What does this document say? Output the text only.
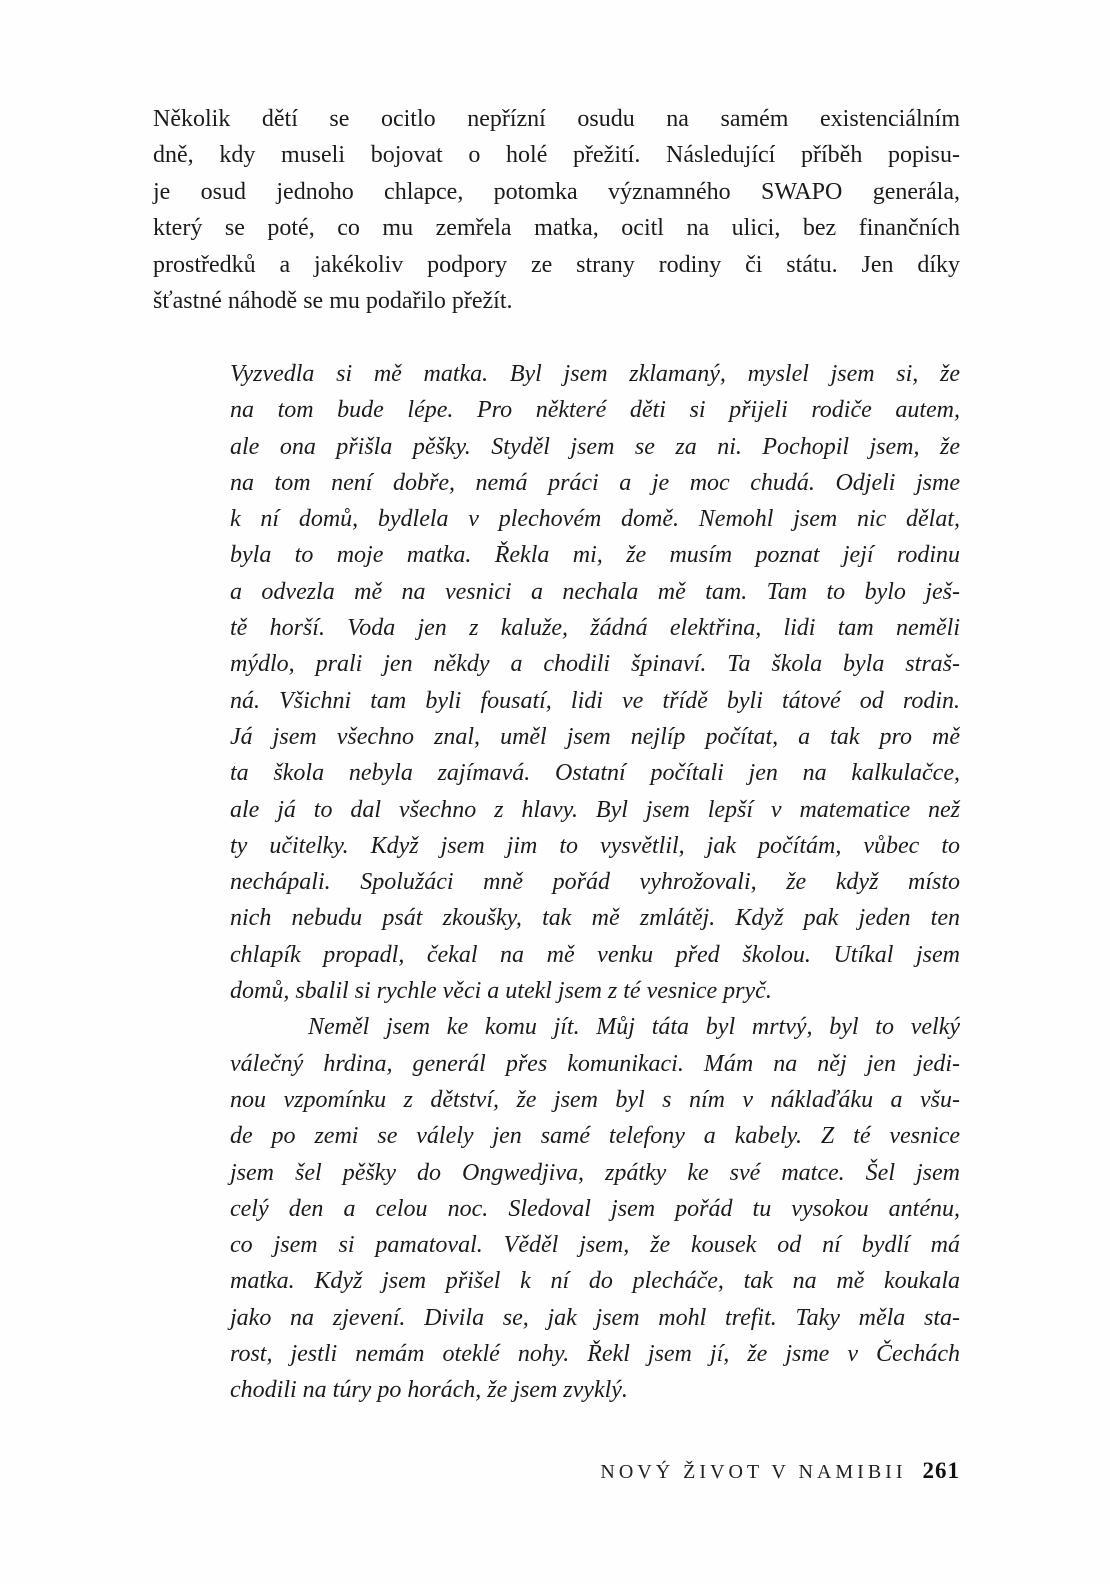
Několik dětí se ocitlo nepřízní osudu na samém existenciálním
dně, kdy museli bojovat o holé přežití. Následující příběh popisu-
je osud jednoho chlapce, potomka významného SWAPO generála,
který se poté, co mu zemřela matka, ocitl na ulici, bez finančních
prostředků a jakékoliv podpory ze strany rodiny či státu. Jen díky
šťastné náhodě se mu podařilo přežít.
Vyzvedla si mě matka. Byl jsem zklamaný, myslel jsem si, že
na tom bude lépe. Pro některé děti si přijeli rodiče autem,
ale ona přišla pěšky. Styděl jsem se za ni. Pochopil jsem, že
na tom není dobře, nemá práci a je moc chudá. Odjeli jsme
k ní domů, bydlela v plechovém domě. Nemohl jsem nic dělat,
byla to moje matka. Řekla mi, že musím poznat její rodinu
a odvezla mě na vesnici a nechala mě tam. Tam to bylo ješ-
tě horší. Voda jen z kaluže, žádná elektřina, lidi tam neměli
mýdlo, prali jen někdy a chodili špinaví. Ta škola byla straš-
ná. Všichni tam byli fousatí, lidi ve třídě byli tátové od rodin.
Já jsem všechno znal, uměl jsem nejlíp počítat, a tak pro mě
ta škola nebyla zajímavá. Ostatní počítali jen na kalkulačce,
ale já to dal všechno z hlavy. Byl jsem lepší v matematice než
ty učitelky. Když jsem jim to vysvětlil, jak počítám, vůbec to
nechápali. Spolužáci mně pořád vyhrožovali, že když místo
nich nebudu psát zkoušky, tak mě zmlátěj. Když pak jeden ten
chlapík propadl, čekal na mě venku před školou. Utíkal jsem
domů, sbalil si rychle věci a utekl jsem z té vesnice pryč.
Neměl jsem ke komu jít. Můj táta byl mrtvý, byl to velký
válečný hrdina, generál přes komunikaci. Mám na něj jen jedi-
nou vzpomínku z dětství, že jsem byl s ním v náklaďáku a všu-
de po zemi se válely jen samé telefony a kabely. Z té vesnice
jsem šel pěšky do Ongwedjiva, zpátky ke své matce. Šel jsem
celý den a celou noc. Sledoval jsem pořád tu vysokou anténu,
co jsem si pamatoval. Věděl jsem, že kousek od ní bydlí má
matka. Když jsem přišel k ní do plecháče, tak na mě koukala
jako na zjevení. Divila se, jak jsem mohl trefit. Taky měla sta-
rost, jestli nemám oteklé nohy. Řekl jsem jí, že jsme v Čechách
chodili na túry po horách, že jsem zvyklý.
NOVÝ ŽIVOT V NAMIBII 261
